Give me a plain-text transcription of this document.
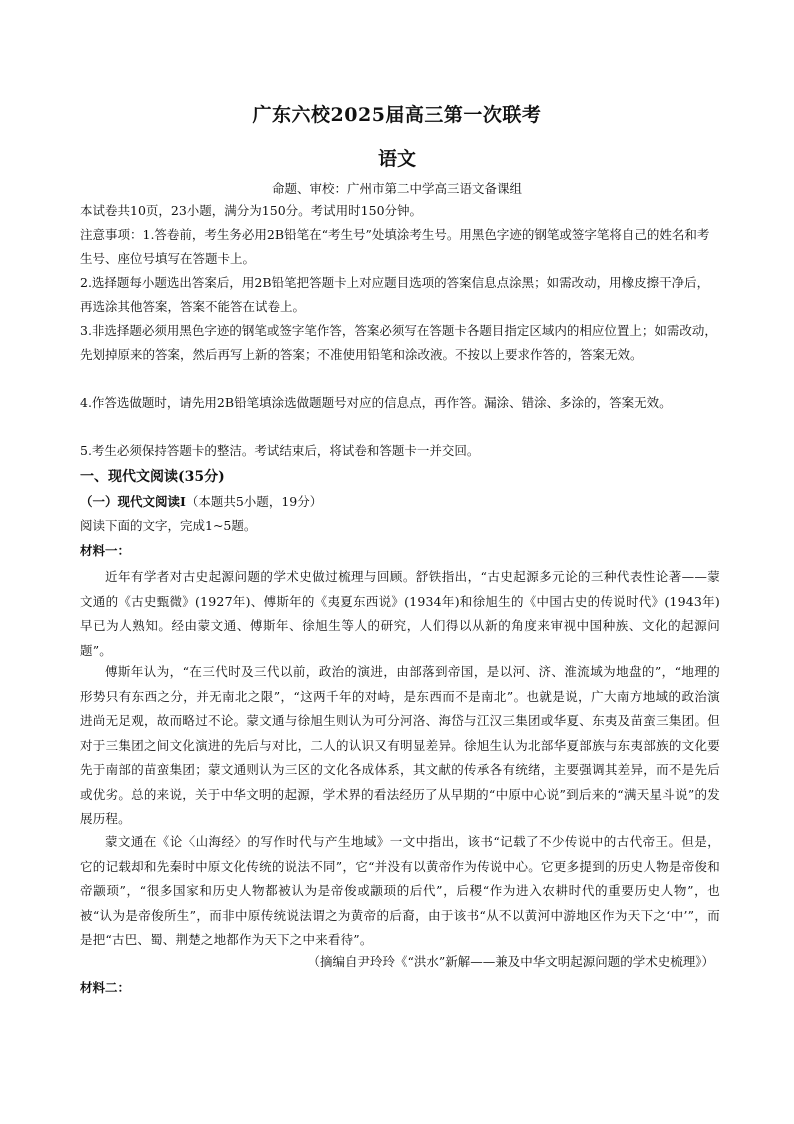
广东六校2025届高三第一次联考
语文
命题、审校：广州市第二中学高三语文备课组
本试卷共10页，23小题，满分为150分。考试用时150分钟。
注意事项：1.答卷前，考生务必用2B铅笔在“考生号”处填涂考生号。用黑色字迹的钢笔或签字笔将自己的姓名和考生号、座位号填写在答题卡上。
2.选择题每小题选出答案后，用2B铅笔把答题卡上对应题目选项的答案信息点涂黑；如需改动，用橡皮擦干净后，再选涂其他答案，答案不能答在试卷上。
3.非选择题必须用黑色字迹的钢笔或签字笔作答，答案必须写在答题卡各题目指定区域内的相应位置上；如需改动，先划掉原来的答案，然后再写上新的答案；不准使用铅笔和涂改液。不按以上要求作答的，答案无效。
4.作答选做题时，请先用2B铅笔填涂选做题题号对应的信息点，再作答。漏涂、错涂、多涂的，答案无效。
5.考生必须保持答题卡的整洁。考试结束后，将试卷和答题卡一并交回。
一、现代文阅读(35分)
（一）现代文阅读Ⅰ（本题共5小题，19分）
阅读下面的文字，完成1~5题。
材料一：
近年有学者对古史起源问题的学术史做过梳理与回顾。舒铁指出，“古史起源多元论的三种代表性论著——蒙文通的《古史甄微》(1927年)、傅斯年的《夷夏东西说》(1934年)和徐旭生的《中国古史的传说时代》(1943年)早已为人熟知。经由蒙文通、傅斯年、徐旭生等人的研究，人们得以从新的角度来审视中国种族、文化的起源问题”。
傅斯年认为，“在三代时及三代以前，政治的演进，由部落到帝国，是以河、济、淮流域为地盘的”，“地理的形势只有东西之分，并无南北之限”，“这两千年的对峙，是东西而不是南北”。也就是说，广大南方地域的政治演进尚无足观，故而略过不论。蒙文通与徐旭生则认为可分河洛、海岱与江汉三集团或华夏、东夷及苗蛮三集团。但对于三集团之间文化演进的先后与对比，二人的认识又有明显差异。徐旭生认为北部华夏部族与东夷部族的文化要先于南部的苗蛮集团；蒙文通则认为三区的文化各成体系，其文献的传承各有统绪，主要强调其差异，而不是先后或优劣。总的来说，关于中华文明的起源，学术界的看法经历了从早期的“中原中心说”到后来的“满天星斗说”的发展历程。
蒙文通在《论〈山海经〉的写作时代与产生地域》一文中指出，该书“记载了不少传说中的古代帝王。但是，它的记载却和先秦时中原文化传统的说法不同”，它“并没有以黄帝作为传说中心。它更多提到的历史人物是帝俊和帝颛顼”，“很多国家和历史人物都被认为是帝俊或颛顼的后代”，后稷“作为进入农耕时代的重要历史人物”，也被“认为是帝俊所生”，而非中原传统说法谓之为黄帝的后裔，由于该书“从不以黄河中游地区作为天下之‘中’”，而是把“古巴、蜀、荆楚之地都作为天下之中来看待”。
（摘编自尹玲玲《“洪水”新解——兼及中华文明起源问题的学术史梳理》）
材料二：
